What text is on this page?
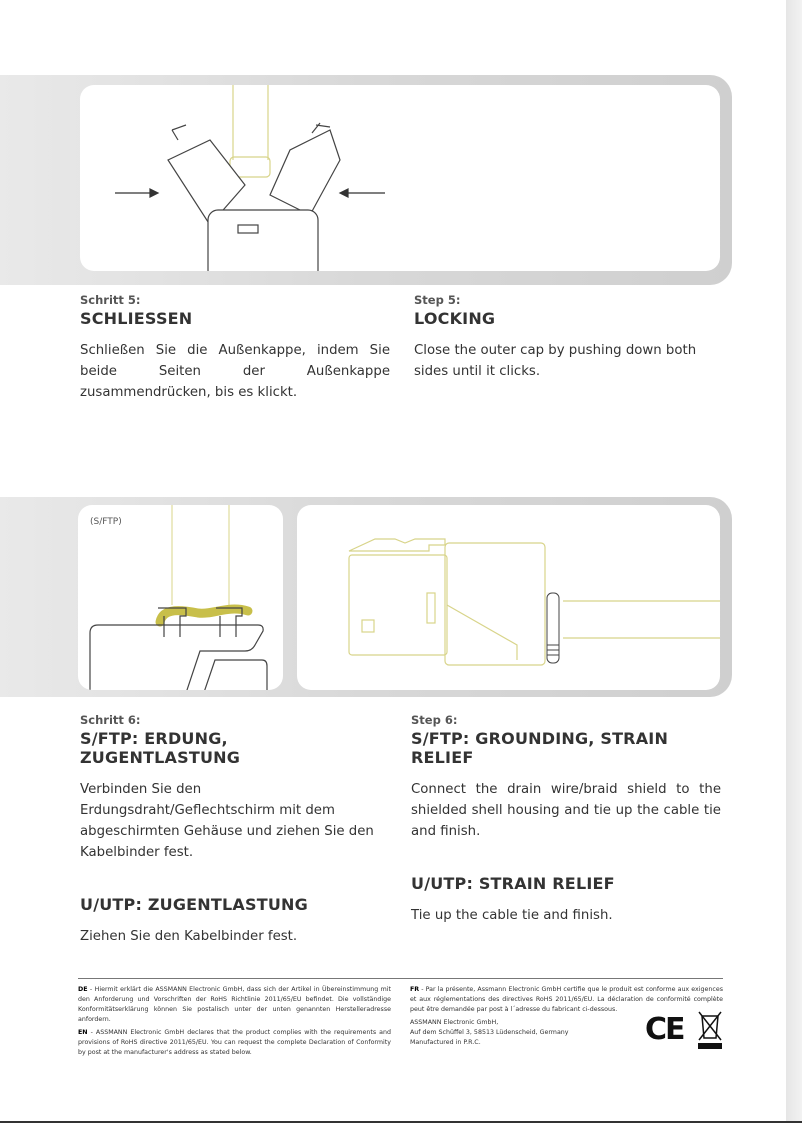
Schritt 5:
SCHLIESSEN
Schließen Sie die Außenkappe, indem Sie beide Seiten der Außenkappe zusammendrücken, bis es klickt.
Step 5:
LOCKING
Close the outer cap by pushing down both sides until it clicks.
(S/FTP)
Schritt 6:
S/FTP: ERDUNG, ZUGENTLASTUNG
Verbinden Sie den Erdungsdraht/Geflechtschirm mit dem abgeschirmten Gehäuse und ziehen Sie den Kabelbinder fest.
U/UTP: ZUGENTLASTUNG
Ziehen Sie den Kabelbinder fest.
Step 6:
S/FTP: GROUNDING, STRAIN RELIEF
Connect the drain wire/braid shield to the shielded shell housing and tie up the cable tie and finish.
U/UTP: STRAIN RELIEF
Tie up the cable tie and finish.

DE - Hiermit erklärt die ASSMANN Electronic GmbH, dass sich der Artikel in Übereinstimmung mit den Anforderung und Vorschriften der RoHS Richtlinie 2011/65/EU befindet. Die vollständige Konformitätserklärung können Sie postalisch unter der unten genannten Herstelleradresse anfordern.

EN - ASSMANN Electronic GmbH declares that the product complies with the requirements and provisions of RoHS directive 2011/65/EU. You can request the complete Declaration of Conformity by post at the manufacturer's address as stated below.

FR - Par la présente, Assmann Electronic GmbH certifie que le produit est conforme aux exigences et aux réglementations des directives RoHS 2011/65/EU. La déclaration de conformité complète peut être demandée par post à l´adresse du fabricant ci-dessous.

ASSMANN Electronic GmbH,
Auf dem Schüffel 3, 58513 Lüdenscheid, Germany
Manufactured in P.R.C.	CE
